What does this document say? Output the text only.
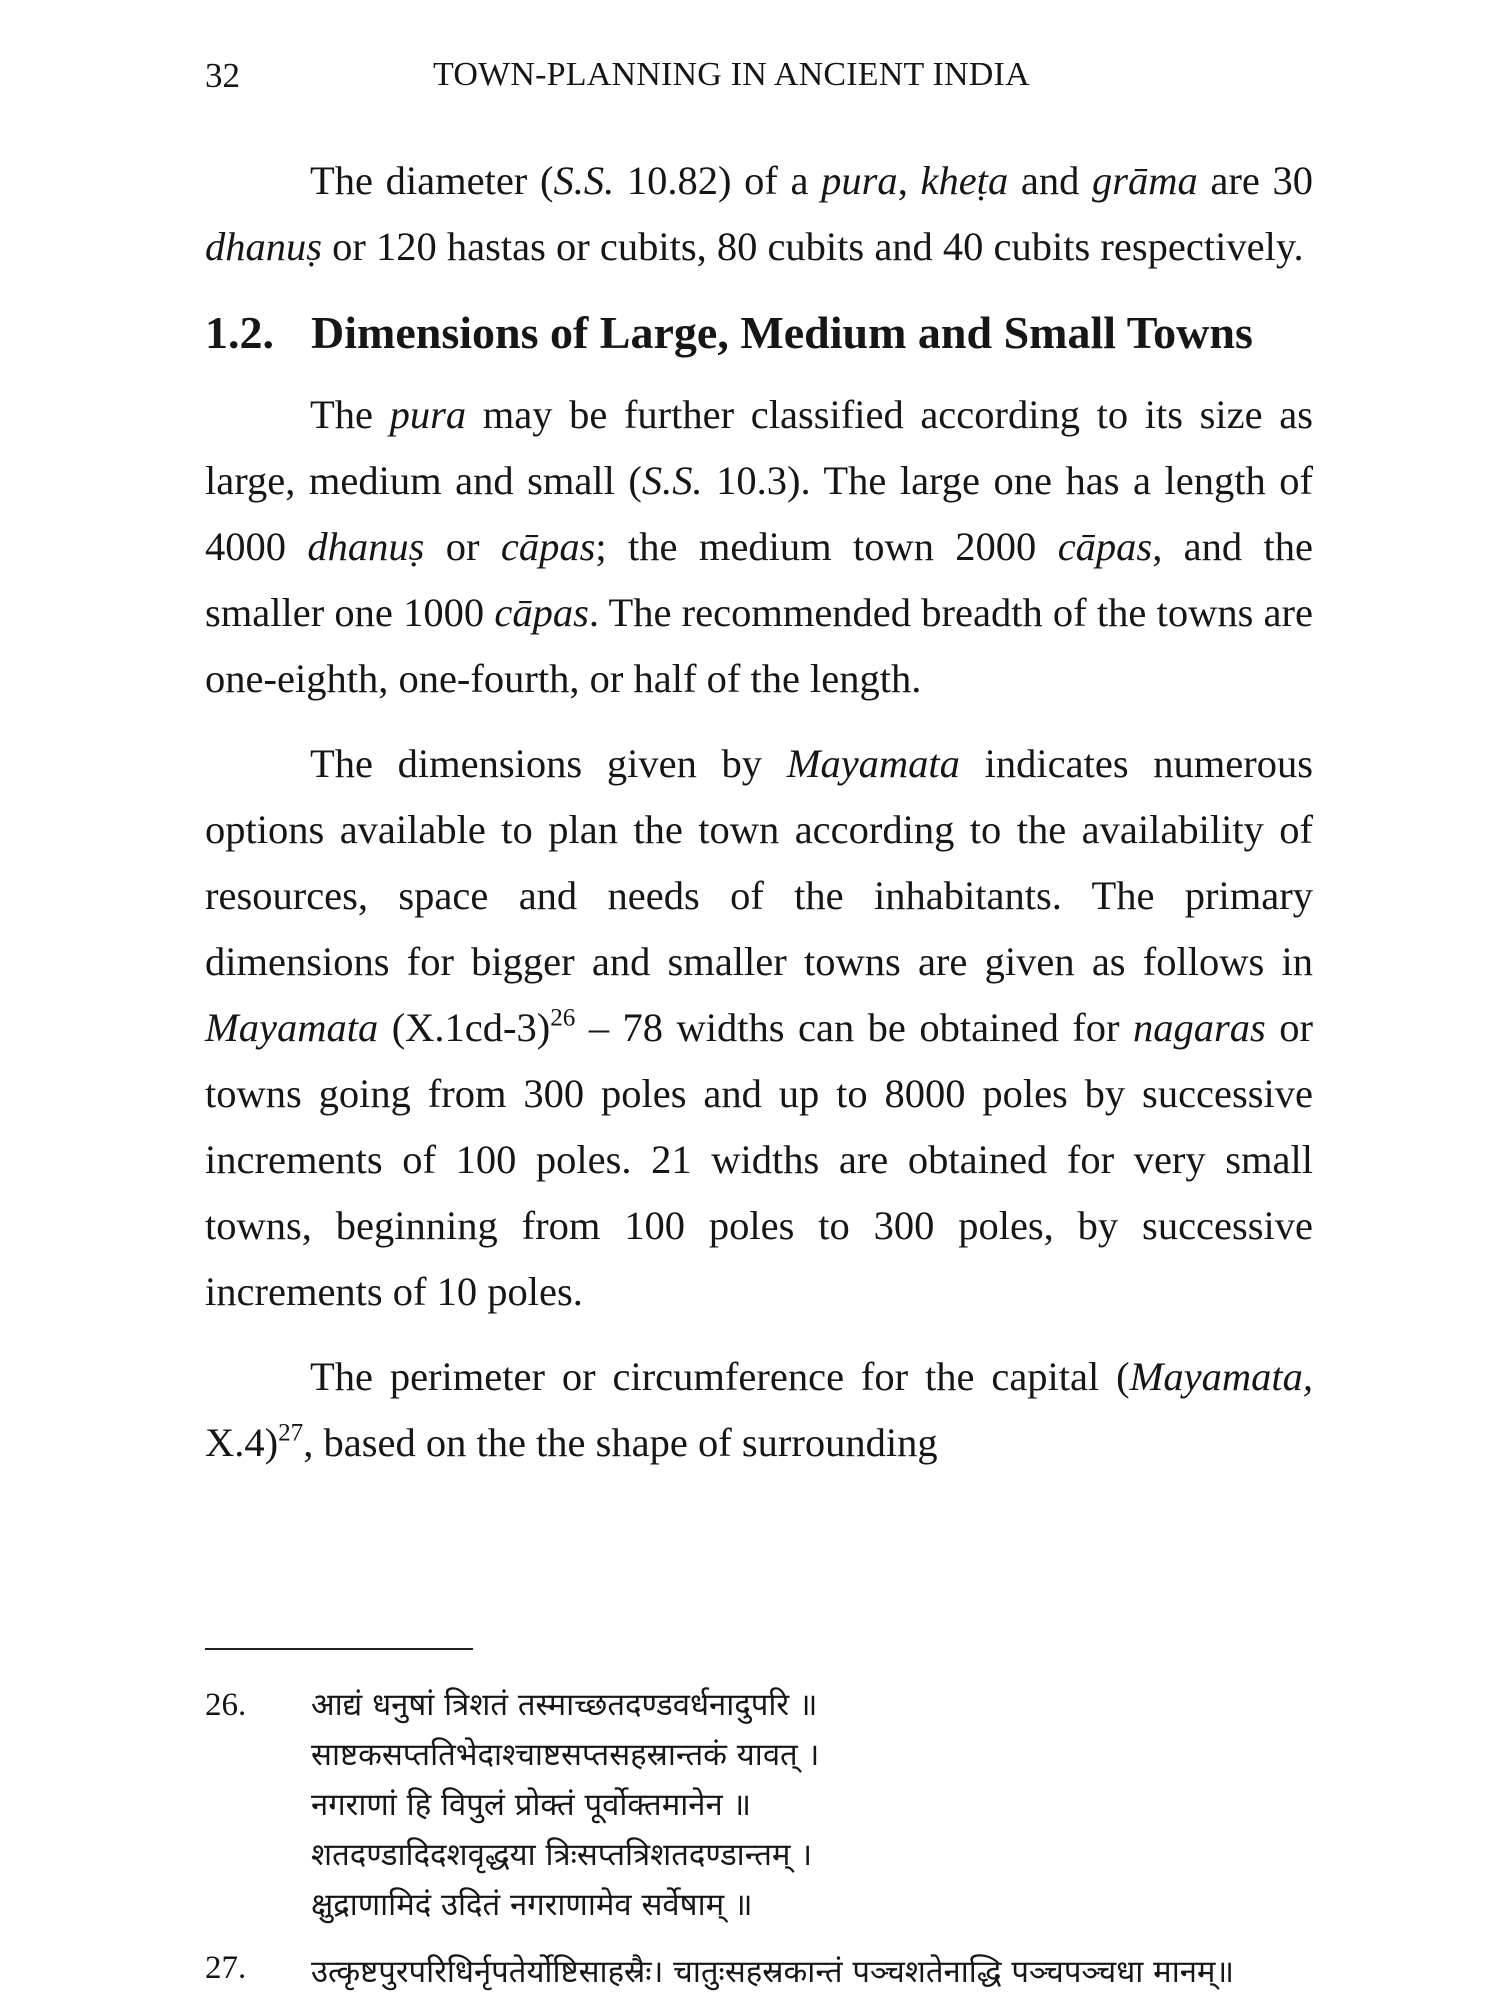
32	TOWN-PLANNING IN ANCIENT INDIA

The diameter (S.S. 10.82) of a pura, kheṭa and grāma are 30 dhanuṣ or 120 hastas or cubits, 80 cubits and 40 cubits respectively.

1.2. Dimensions of Large, Medium and Small Towns

The pura may be further classified according to its size as large, medium and small (S.S. 10.3). The large one has a length of 4000 dhanuṣ or cāpas; the medium town 2000 cāpas, and the smaller one 1000 cāpas. The recommended breadth of the towns are one-eighth, one-fourth, or half of the length.

The dimensions given by Mayamata indicates numerous options available to plan the town according to the availability of resources, space and needs of the inhabitants. The primary dimensions for bigger and smaller towns are given as follows in Mayamata $(X.1cd-3)^{26} - 78$ widths can be obtained for nagaras or towns going from 300 poles and up to 8000 poles by successive increments of 100 poles. 21 widths are obtained for very small towns, beginning from 100 poles to 300 poles, by successive increments of 10 poles.

The perimeter or circumference for the capital (Mayamata, X.4)$^{27}$, based on the the shape of surrounding

26. आद्यं धनुषां त्रिशतं तस्माच्छतदण्डवर्धनादुपरि ॥
साष्टकसप्ततिभेदाश्चाष्टसप्तसहस्रान्तकं यावत् ।
नगराणां हि विपुलं प्रोक्तं पूर्वोक्तमानेन ॥
शतदण्डादिदशवृद्धया त्रिःसप्तत्रिशतदण्डान्तम् ।
क्षुद्राणामिदं उदितं नगराणामेव सर्वेषाम् ॥
27. उत्कृष्टपुरपरिधिर्नृपतेर्योष्टिसाहस्रैः। चातुःसहस्रकान्तं पञ्चशतेनाद्धि पञ्चपञ्चधा मानम्॥
